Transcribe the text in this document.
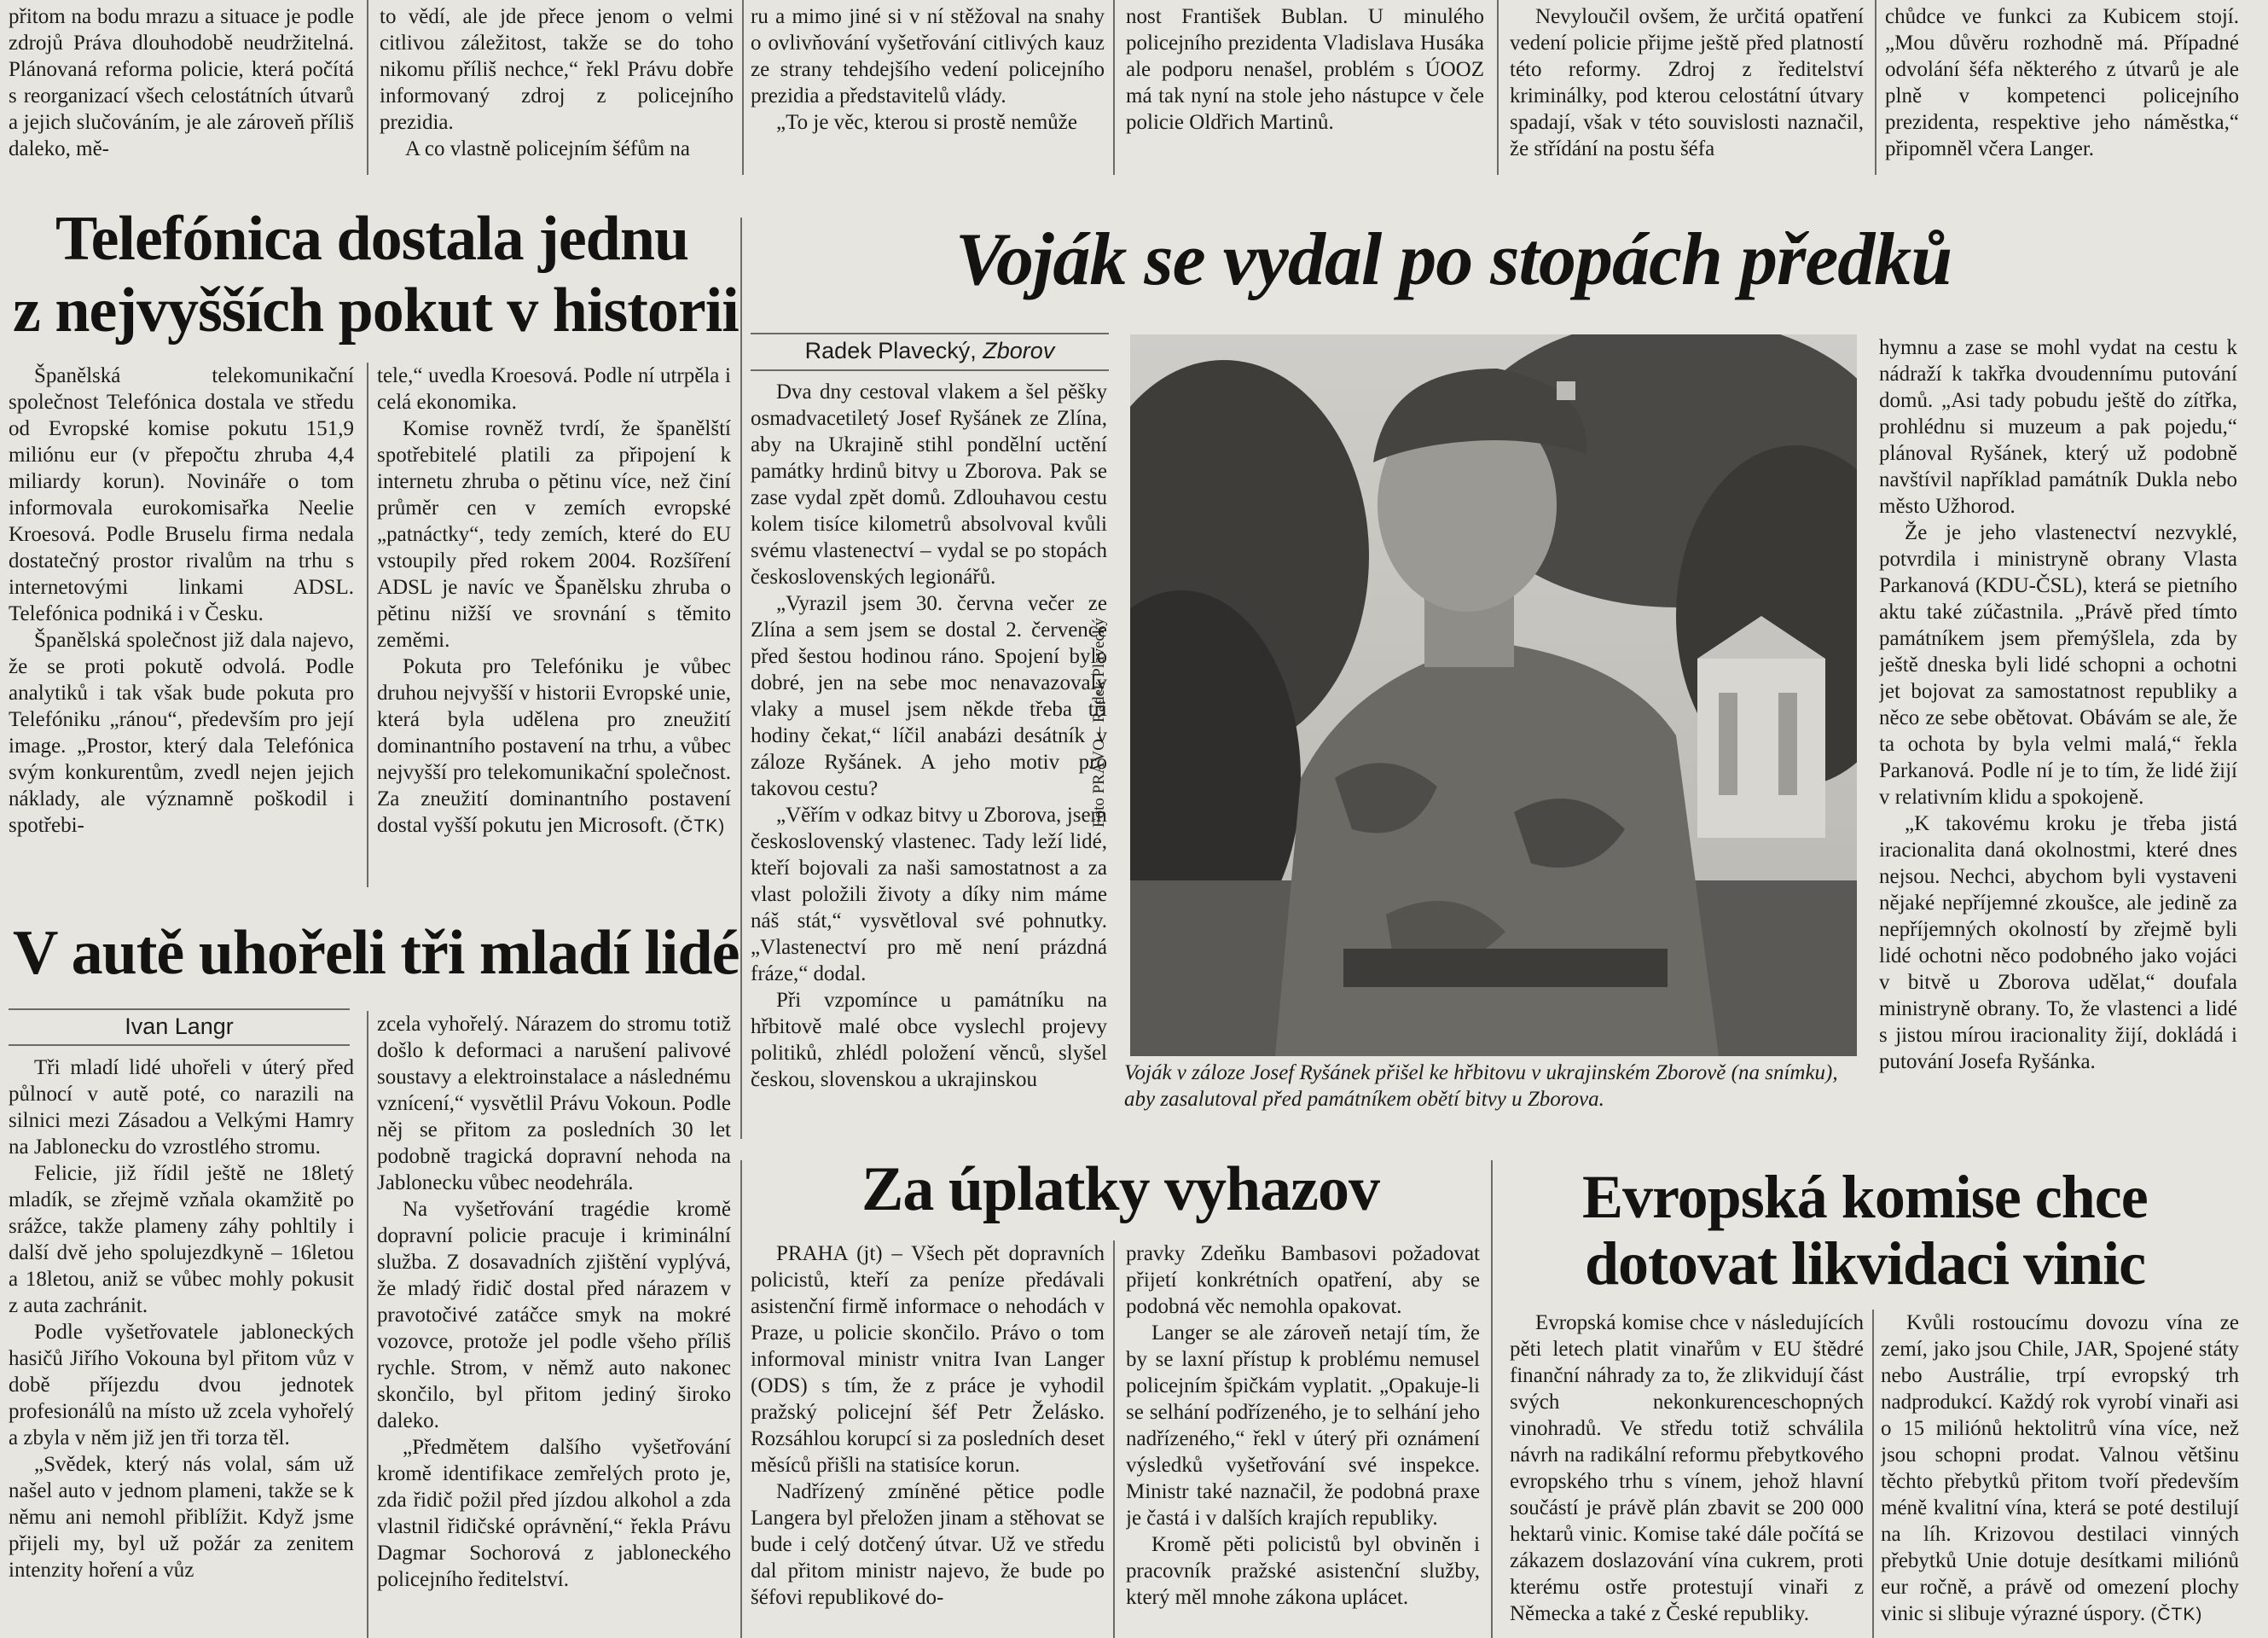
přitom na bodu mrazu a situace je podle zdrojů Práva dlouhodobě neudržitelná. Plánovaná reforma policie, která počítá s reorganizací všech celostátních útvarů a jejich slučováním, je ale zároveň příliš daleko, mě-

to vědí, ale jde přece jenom o velmi citlivou záležitost, takže se do toho nikomu příliš nechce,“ řekl Právu dobře informovaný zdroj z policejního prezidia.

A co vlastně policejním šéfům na

ru a mimo jiné si v ní stěžoval na snahy o ovlivňování vyšetřování citlivých kauz ze strany tehdejšího vedení policejního prezidia a představitelů vlády.

„To je věc, kterou si prostě nemůže

nost František Bublan. U minulého policejního prezidenta Vladislava Husáka ale podporu nenašel, problém s ÚOOZ má tak nyní na stole jeho nástupce v čele policie Oldřich Martinů.

Nevyloučil ovšem, že určitá opatření vedení policie přijme ještě před platností této reformy. Zdroj z ředitelství kriminálky, pod kterou celostátní útvary spadají, však v této souvislosti naznačil, že střídání na postu šéfa

chůdce ve funkci za Kubicem stojí. „Mou důvěru rozhodně má. Případné odvolání šéfa některého z útvarů je ale plně v kompetenci policejního prezidenta, respektive jeho náměstka,“ připomněl včera Langer.

Telefónica dostala jednu
z nejvyšších pokut v historii

Španělská telekomunikační společnost Telefónica dostala ve středu od Evropské komise pokutu 151,9 miliónu eur (v přepočtu zhruba 4,4 miliardy korun). Novináře o tom informovala eurokomisařka Neelie Kroesová. Podle Bruselu firma nedala dostatečný prostor rivalům na trhu s internetovými linkami ADSL. Telefónica podniká i v Česku.

Španělská společnost již dala najevo, že se proti pokutě odvolá. Podle analytiků i tak však bude pokuta pro Telefóniku „ránou“, především pro její image. „Prostor, který dala Telefónica svým konkurentům, zvedl nejen jejich náklady, ale významně poškodil i spotřebi-

tele,“ uvedla Kroesová. Podle ní utrpěla i celá ekonomika.

Komise rovněž tvrdí, že španělští spotřebitelé platili za připojení k internetu zhruba o pětinu více, než činí průměr cen v zemích evropské „patnáctky“, tedy zemích, které do EU vstoupily před rokem 2004. Rozšíření ADSL je navíc ve Španělsku zhruba o pětinu nižší ve srovnání s těmito zeměmi.

Pokuta pro Telefóniku je vůbec druhou nejvyšší v historii Evropské unie, která byla udělena pro zneužití dominantního postavení na trhu, a vůbec nejvyšší pro telekomunikační společnost. Za zneužití dominantního postavení dostal vyšší pokutu jen Microsoft. (ČTK)

V autě uhořeli tři mladí lidé
Ivan Langr

Tři mladí lidé uhořeli v úterý před půlnocí v autě poté, co narazili na silnici mezi Zásadou a Velkými Hamry na Jablonecku do vzrostlého stromu.

Felicie, již řídil ještě ne 18letý mladík, se zřejmě vzňala okamžitě po srážce, takže plameny záhy pohltily i další dvě jeho spolujezdkyně – 16letou a 18letou, aniž se vůbec mohly pokusit z auta zachránit.

Podle vyšetřovatele jabloneckých hasičů Jiřího Vokouna byl přitom vůz v době příjezdu dvou jednotek profesionálů na místo už zcela vyhořelý a zbyla v něm již jen tři torza těl.

„Svědek, který nás volal, sám už našel auto v jednom plameni, takže se k němu ani nemohl přiblížit. Když jsme přijeli my, byl už požár za zenitem intenzity hoření a vůz

zcela vyhořelý. Nárazem do stromu totiž došlo k deformaci a narušení palivové soustavy a elektroinstalace a následnému vznícení,“ vysvětlil Právu Vokoun. Podle něj se přitom za posledních 30 let podobně tragická dopravní nehoda na Jablonecku vůbec neodehrála.

Na vyšetřování tragédie kromě dopravní policie pracuje i kriminální služba. Z dosavadních zjištění vyplývá, že mladý řidič dostal před nárazem v pravotočivé zatáčce smyk na mokré vozovce, protože jel podle všeho příliš rychle. Strom, v němž auto nakonec skončilo, byl přitom jediný široko daleko.

„Předmětem dalšího vyšetřování kromě identifikace zemřelých proto je, zda řidič požil před jízdou alkohol a zda vlastnil řidičské oprávnění,“ řekla Právu Dagmar Sochorová z jabloneckého policejního ředitelství.

Voják se vydal po stopách předků
Radek Plavecký, Zborov

Dva dny cestoval vlakem a šel pěšky osmadvacetiletý Josef Ryšánek ze Zlína, aby na Ukrajině stihl pondělní uctění památky hrdinů bitvy u Zborova. Pak se zase vydal zpět domů. Zdlouhavou cestu kolem tisíce kilometrů absolvoval kvůli svému vlastenectví – vydal se po stopách československých legionářů.

„Vyrazil jsem 30. června večer ze Zlína a sem jsem se dostal 2. července před šestou hodinou ráno. Spojení bylo dobré, jen na sebe moc nenavazovaly vlaky a musel jsem někde třeba tři hodiny čekat,“ líčil anabázi desátník v záloze Ryšánek. A jeho motiv pro takovou cestu?

„Věřím v odkaz bitvy u Zborova, jsem československý vlastenec. Tady leží lidé, kteří bojovali za naši samostatnost a za vlast položili životy a díky nim máme náš stát,“ vysvětloval své pohnutky. „Vlastenectví pro mě není prázdná fráze,“ dodal.

Při vzpomínce u památníku na hřbitově malé obce vyslechl projevy politiků, zhlédl položení věnců, slyšel českou, slovenskou a ukrajinskou

Foto PRÁVO – Radek Plavecký
Voják v záloze Josef Ryšánek přišel ke hřbitovu v ukrajinském Zborově (na snímku), aby zasalutoval před památníkem obětí bitvy u Zborova.

hymnu a zase se mohl vydat na cestu k nádraží k takřka dvoudennímu putování domů. „Asi tady pobudu ještě do zítřka, prohlédnu si muzeum a pak pojedu,“ plánoval Ryšánek, který už podobně navštívil například památník Dukla nebo město Užhorod.

Že je jeho vlastenectví nezvyklé, potvrdila i ministryně obrany Vlasta Parkanová (KDU-ČSL), která se pietního aktu také zúčastnila. „Právě před tímto památníkem jsem přemýšlela, zda by ještě dneska byli lidé schopni a ochotni jet bojovat za samostatnost republiky a něco ze sebe obětovat. Obávám se ale, že ta ochota by byla velmi malá,“ řekla Parkanová. Podle ní je to tím, že lidé žijí v relativním klidu a spokojeně.

„K takovému kroku je třeba jistá iracionalita daná okolnostmi, které dnes nejsou. Nechci, abychom byli vystaveni nějaké nepříjemné zkoušce, ale jedině za nepříjemných okolností by zřejmě byli lidé ochotni něco podobného jako vojáci v bitvě u Zborova udělat,“ doufala ministryně obrany. To, že vlastenci a lidé s jistou mírou iracionality žijí, dokládá i putování Josefa Ryšánka.

Za úplatky vyhazov

PRAHA (jt) – Všech pět dopravních policistů, kteří za peníze předávali asistenční firmě informace o nehodách v Praze, u policie skončilo. Právo o tom informoval ministr vnitra Ivan Langer (ODS) s tím, že z práce je vyhodil pražský policejní šéf Petr Želásko. Rozsáhlou korupcí si za posledních deset měsíců přišli na statisíce korun.

Nadřízený zmíněné pětice podle Langera byl přeložen jinam a stěhovat se bude i celý dotčený útvar. Už ve středu dal přitom ministr najevo, že bude po šéfovi republikové do-

pravky Zdeňku Bambasovi požadovat přijetí konkrétních opatření, aby se podobná věc nemohla opakovat.

Langer se ale zároveň netají tím, že by se laxní přístup k problému nemusel policejním špičkám vyplatit. „Opakuje-li se selhání podřízeného, je to selhání jeho nadřízeného,“ řekl v úterý při oznámení výsledků vyšetřování své inspekce. Ministr také naznačil, že podobná praxe je častá i v dalších krajích republiky.

Kromě pěti policistů byl obviněn i pracovník pražské asistenční služby, který měl mnohe zákona uplácet.

Evropská komise chce
dotovat likvidaci vinic

Evropská komise chce v následujících pěti letech platit vinařům v EU štědré finanční náhrady za to, že zlikvidují část svých nekonkurenceschopných vinohradů. Ve středu totiž schválila návrh na radikální reformu přebytkového evropského trhu s vínem, jehož hlavní součástí je právě plán zbavit se 200 000 hektarů vinic. Komise také dále počítá se zákazem doslazování vína cukrem, proti kterému ostře protestují vinaři z Německa a také z České republiky.

Kvůli rostoucímu dovozu vína ze zemí, jako jsou Chile, JAR, Spojené státy nebo Austrálie, trpí evropský trh nadprodukcí. Každý rok vyrobí vinaři asi o 15 miliónů hektolitrů vína více, než jsou schopni prodat. Valnou většinu těchto přebytků přitom tvoří především méně kvalitní vína, která se poté destilují na líh. Krizovou destilaci vinných přebytků Unie dotuje desítkami miliónů eur ročně, a právě od omezení plochy vinic si slibuje výrazné úspory. (ČTK)
